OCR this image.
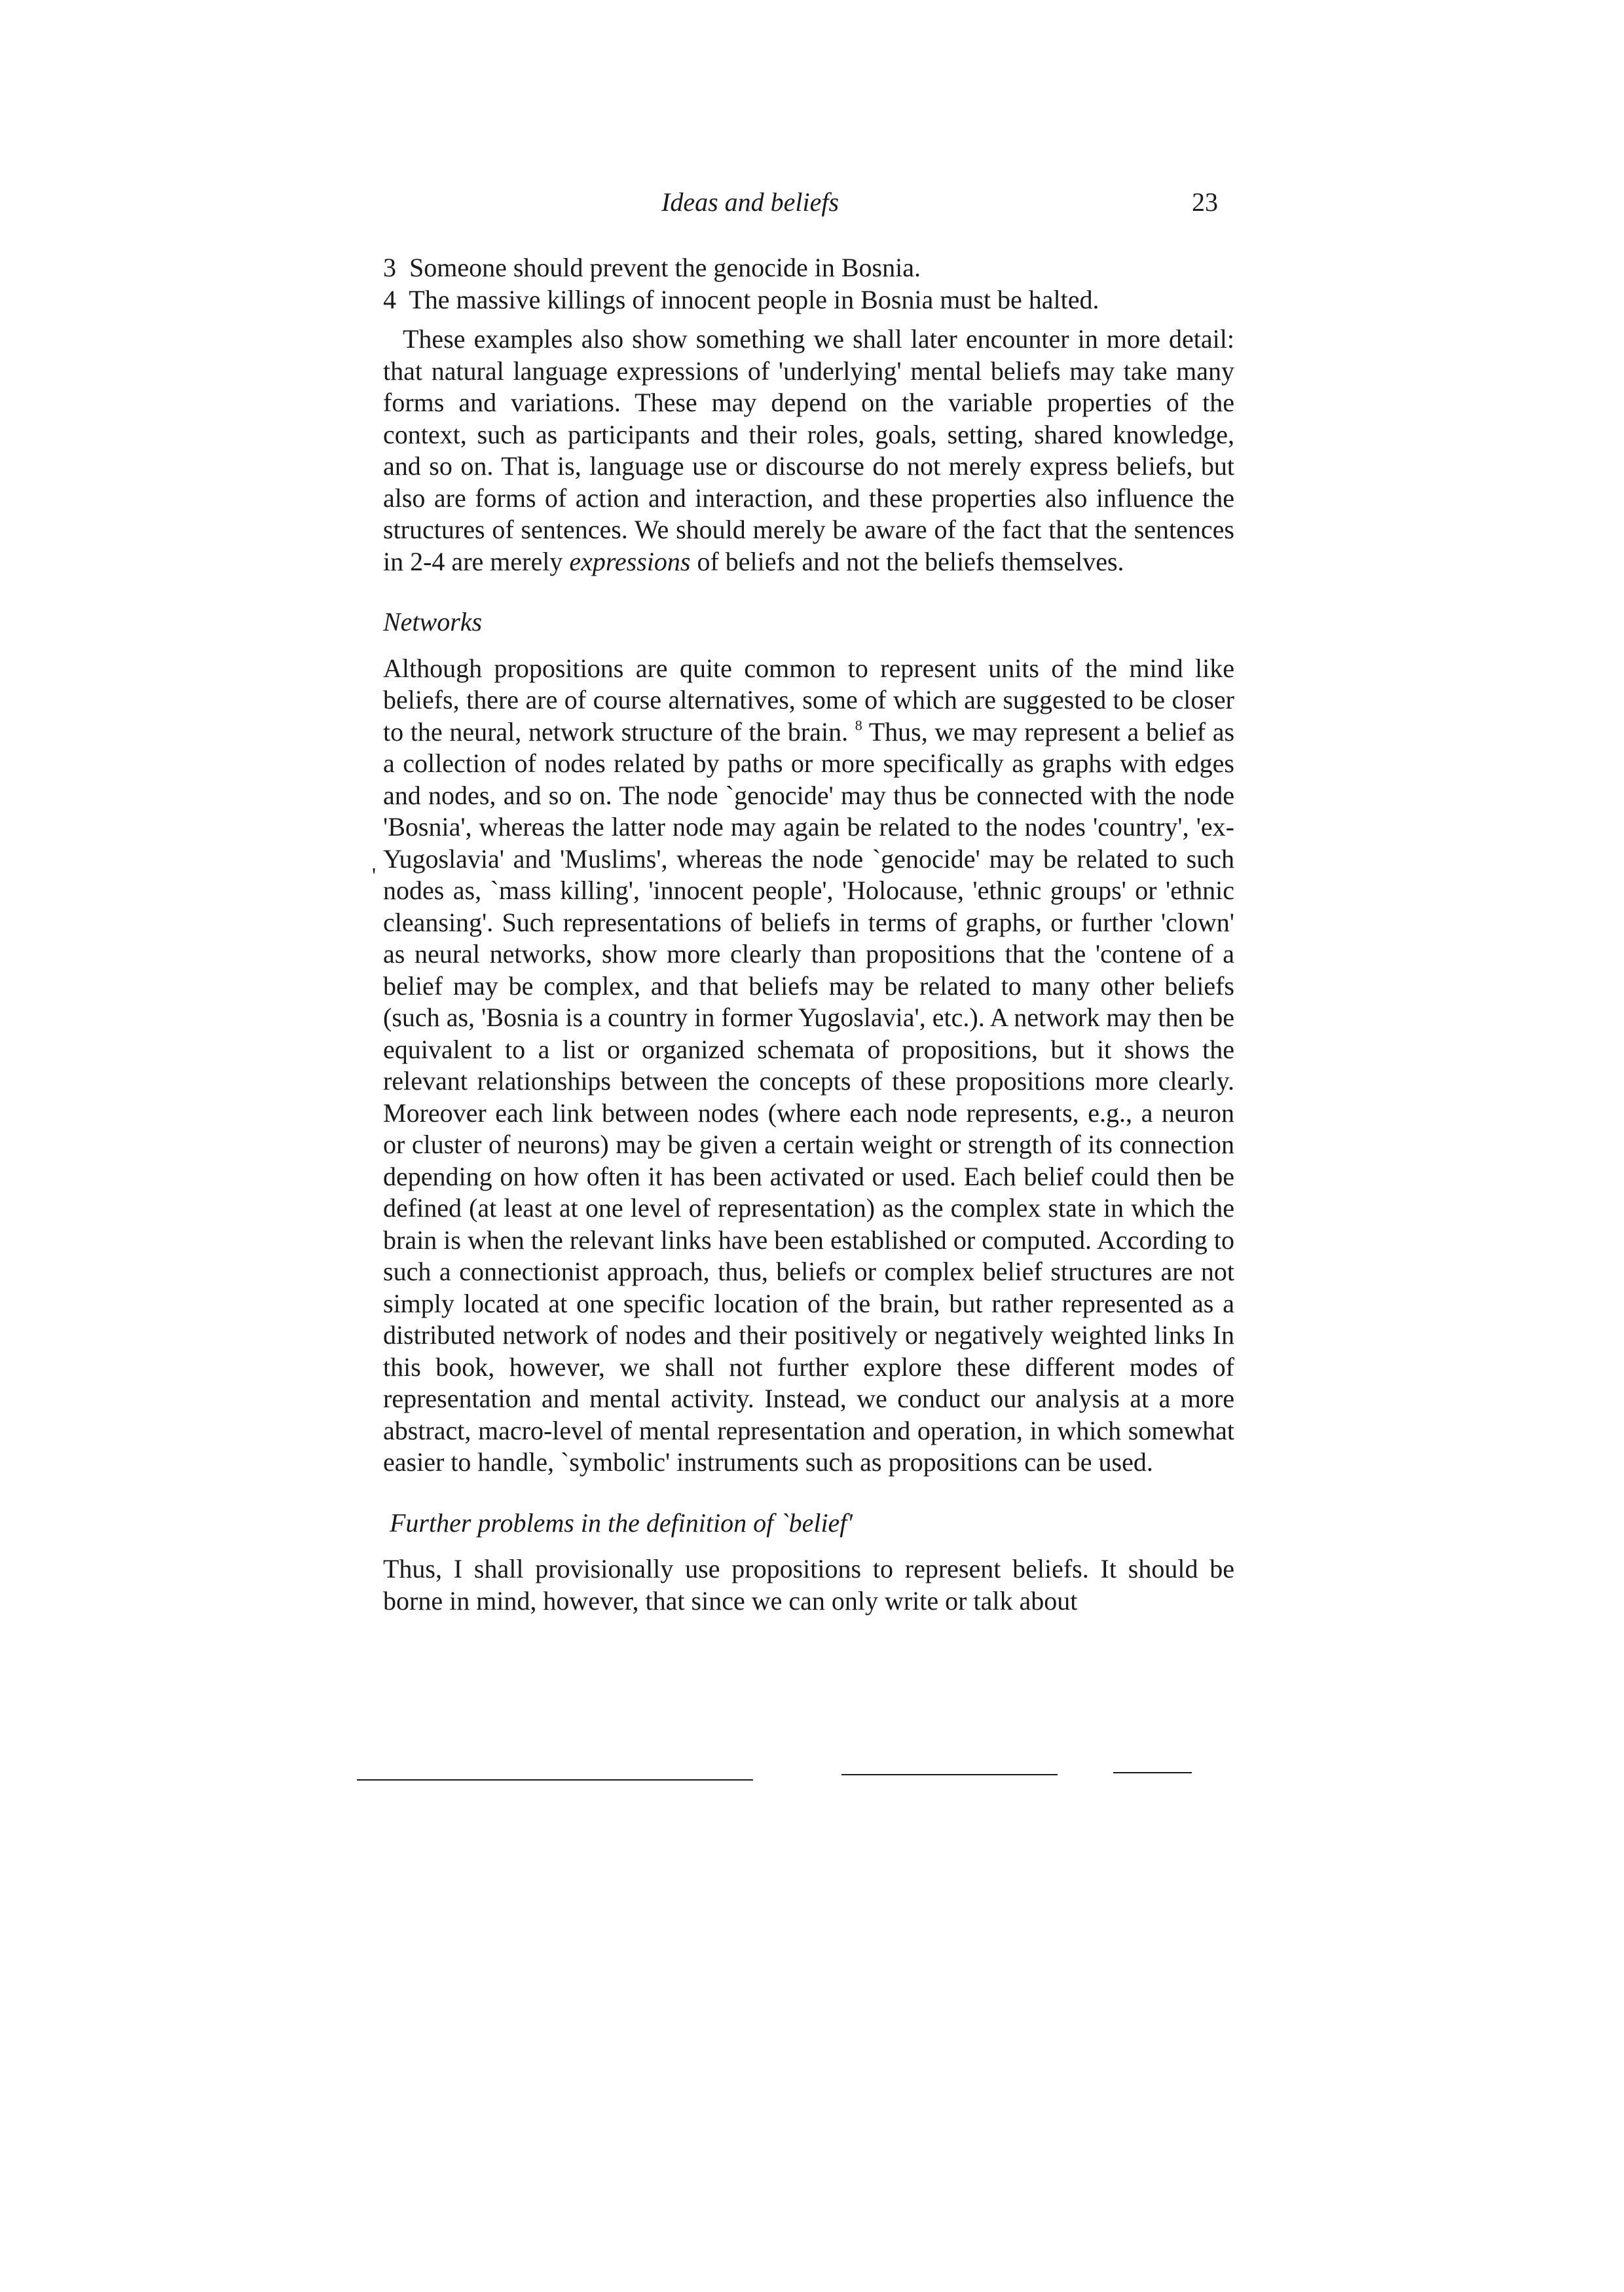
Ideas and beliefs	23
'

3 Someone should prevent the genocide in Bosnia.

4 The massive killings of innocent people in Bosnia must be halted.

These examples also show something we shall later encounter in more detail: that natural language expressions of 'underlying' mental beliefs may take many forms and variations. These may depend on the variable properties of the context, such as participants and their roles, goals, setting, shared knowledge, and so on. That is, language use or discourse do not merely express beliefs, but also are forms of action and interaction, and these properties also influence the structures of sentences. We should merely be aware of the fact that the sentences in 2-4 are merely expressions of beliefs and not the beliefs themselves.

Networks

Although propositions are quite common to represent units of the mind like beliefs, there are of course alternatives, some of which are suggested to be closer to the neural, network structure of the brain. $^8$ Thus, we may represent a belief as a collection of nodes related by paths or more specifically as graphs with edges and nodes, and so on. The node `genocide' may thus be connected with the node 'Bosnia', whereas the latter node may again be related to the nodes 'country', 'ex-Yugoslavia' and 'Muslims', whereas the node `genocide' may be related to such nodes as, `mass killing', 'innocent people', 'Holocause, 'ethnic groups' or 'ethnic cleansing'. Such representations of beliefs in terms of graphs, or further 'clown' as neural networks, show more clearly than propositions that the 'contene of a belief may be complex, and that beliefs may be related to many other beliefs (such as, 'Bosnia is a country in former Yugoslavia', etc.). A network may then be equivalent to a list or organized schemata of propositions, but it shows the relevant relationships between the concepts of these propositions more clearly. Moreover each link between nodes (where each node represents, e.g., a neuron or cluster of neurons) may be given a certain weight or strength of its connection depending on how often it has been activated or used. Each belief could then be defined (at least at one level of representation) as the complex state in which the brain is when the relevant links have been established or computed. According to such a connectionist approach, thus, beliefs or complex belief structures are not simply located at one specific location of the brain, but rather represented as a distributed network of nodes and their positively or negatively weighted links In this book, however, we shall not further explore these different modes of representation and mental activity. Instead, we conduct our analysis at a more abstract, macro-level of mental representation and operation, in which somewhat easier to handle, `symbolic' instruments such as propositions can be used.

Further problems in the definition of `belief'

Thus, I shall provisionally use propositions to represent beliefs. It should be borne in mind, however, that since we can only write or talk about
